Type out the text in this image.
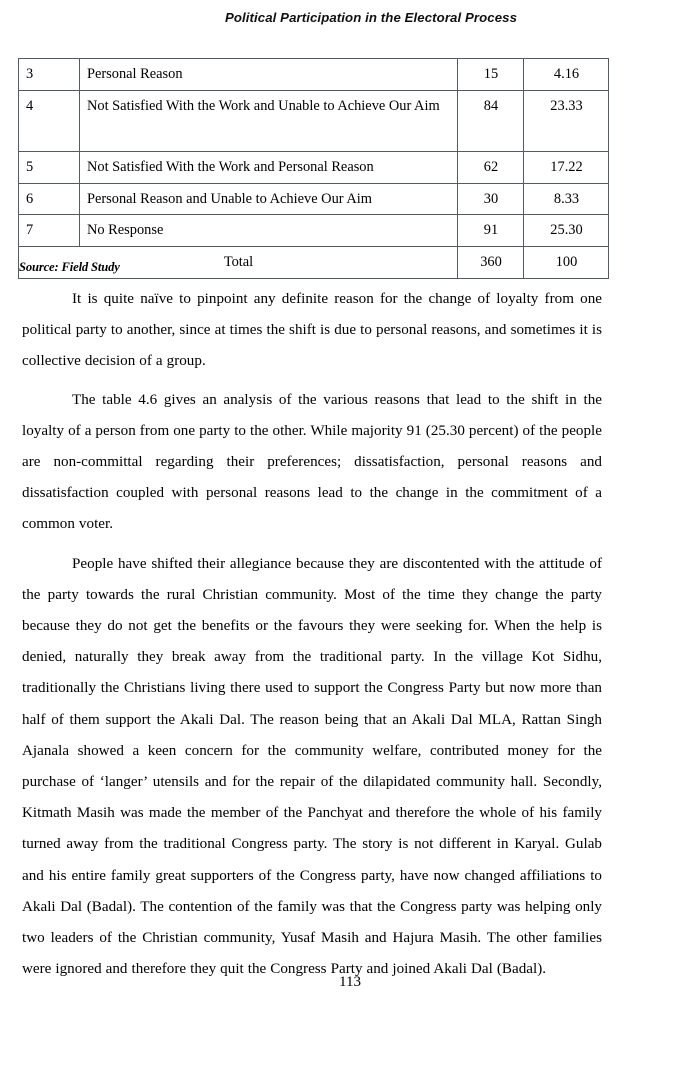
Political Participation in the Electoral Process
3	Personal Reason	15	4.16
4	Not Satisfied With the Work and Unable to Achieve Our Aim	84	23.33
5	Not Satisfied With the Work and Personal Reason	62	17.22
6	Personal Reason and Unable to Achieve Our Aim	30	8.33
7	No Response	91	25.30
Total		360	100
Source: Field Study

It is quite naïve to pinpoint any definite reason for the change of loyalty from one political party to another, since at times the shift is due to personal reasons, and sometimes it is collective decision of a group.

The table 4.6 gives an analysis of the various reasons that lead to the shift in the loyalty of a person from one party to the other. While majority 91 (25.30 percent) of the people are non-committal regarding their preferences; dissatisfaction, personal reasons and dissatisfaction coupled with personal reasons lead to the change in the commitment of a common voter.

People have shifted their allegiance because they are discontented with the attitude of the party towards the rural Christian community. Most of the time they change the party because they do not get the benefits or the favours they were seeking for. When the help is denied, naturally they break away from the traditional party. In the village Kot Sidhu, traditionally the Christians living there used to support the Congress Party but now more than half of them support the Akali Dal. The reason being that an Akali Dal MLA, Rattan Singh Ajanala showed a keen concern for the community welfare, contributed money for the purchase of ‘langer’ utensils and for the repair of the dilapidated community hall. Secondly, Kitmath Masih was made the member of the Panchyat and therefore the whole of his family turned away from the traditional Congress party. The story is not different in Karyal. Gulab and his entire family great supporters of the Congress party, have now changed affiliations to Akali Dal (Badal). The contention of the family was that the Congress party was helping only two leaders of the Christian community, Yusaf Masih and Hajura Masih. The other families were ignored and therefore they quit the Congress Party and joined Akali Dal (Badal).

113
